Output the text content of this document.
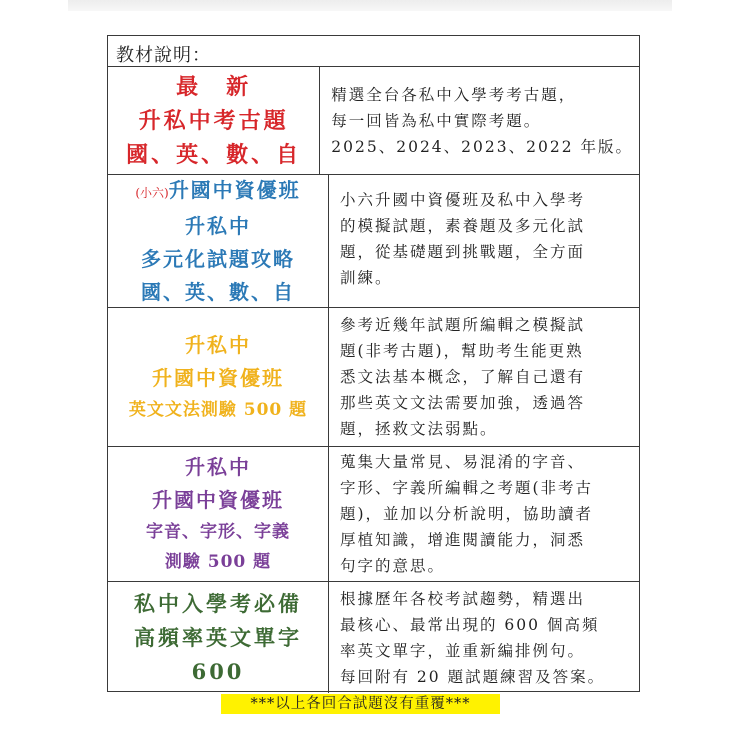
教材說明：
最　新
升私中考古題
國、英、數、自
精選全台各私中入學考考古題，
每一回皆為私中實際考題。
2025、2024、2023、2022 年版。
(小六)升國中資優班
升私中
多元化試題攻略
國、英、數、自
小六升國中資優班及私中入學考
的模擬試題，素養題及多元化試
題，從基礎題到挑戰題，全方面
訓練。
升私中
升國中資優班
英文文法測驗 500 題
參考近幾年試題所編輯之模擬試
題(非考古題)，幫助考生能更熟
悉文法基本概念，了解自己還有
那些英文文法需要加強，透過答
題，拯救文法弱點。
升私中
升國中資優班
字音、字形、字義
測驗 500 題
蒐集大量常見、易混淆的字音、
字形、字義所編輯之考題(非考古
題)，並加以分析說明，協助讀者
厚植知識，增進閱讀能力，洞悉
句字的意思。
私中入學考必備
高頻率英文單字
600
根據歷年各校考試趨勢，精選出
最核心、最常出現的 600 個高頻
率英文單字，並重新編排例句。
每回附有 20 題試題練習及答案。
***以上各回合試題沒有重覆***
